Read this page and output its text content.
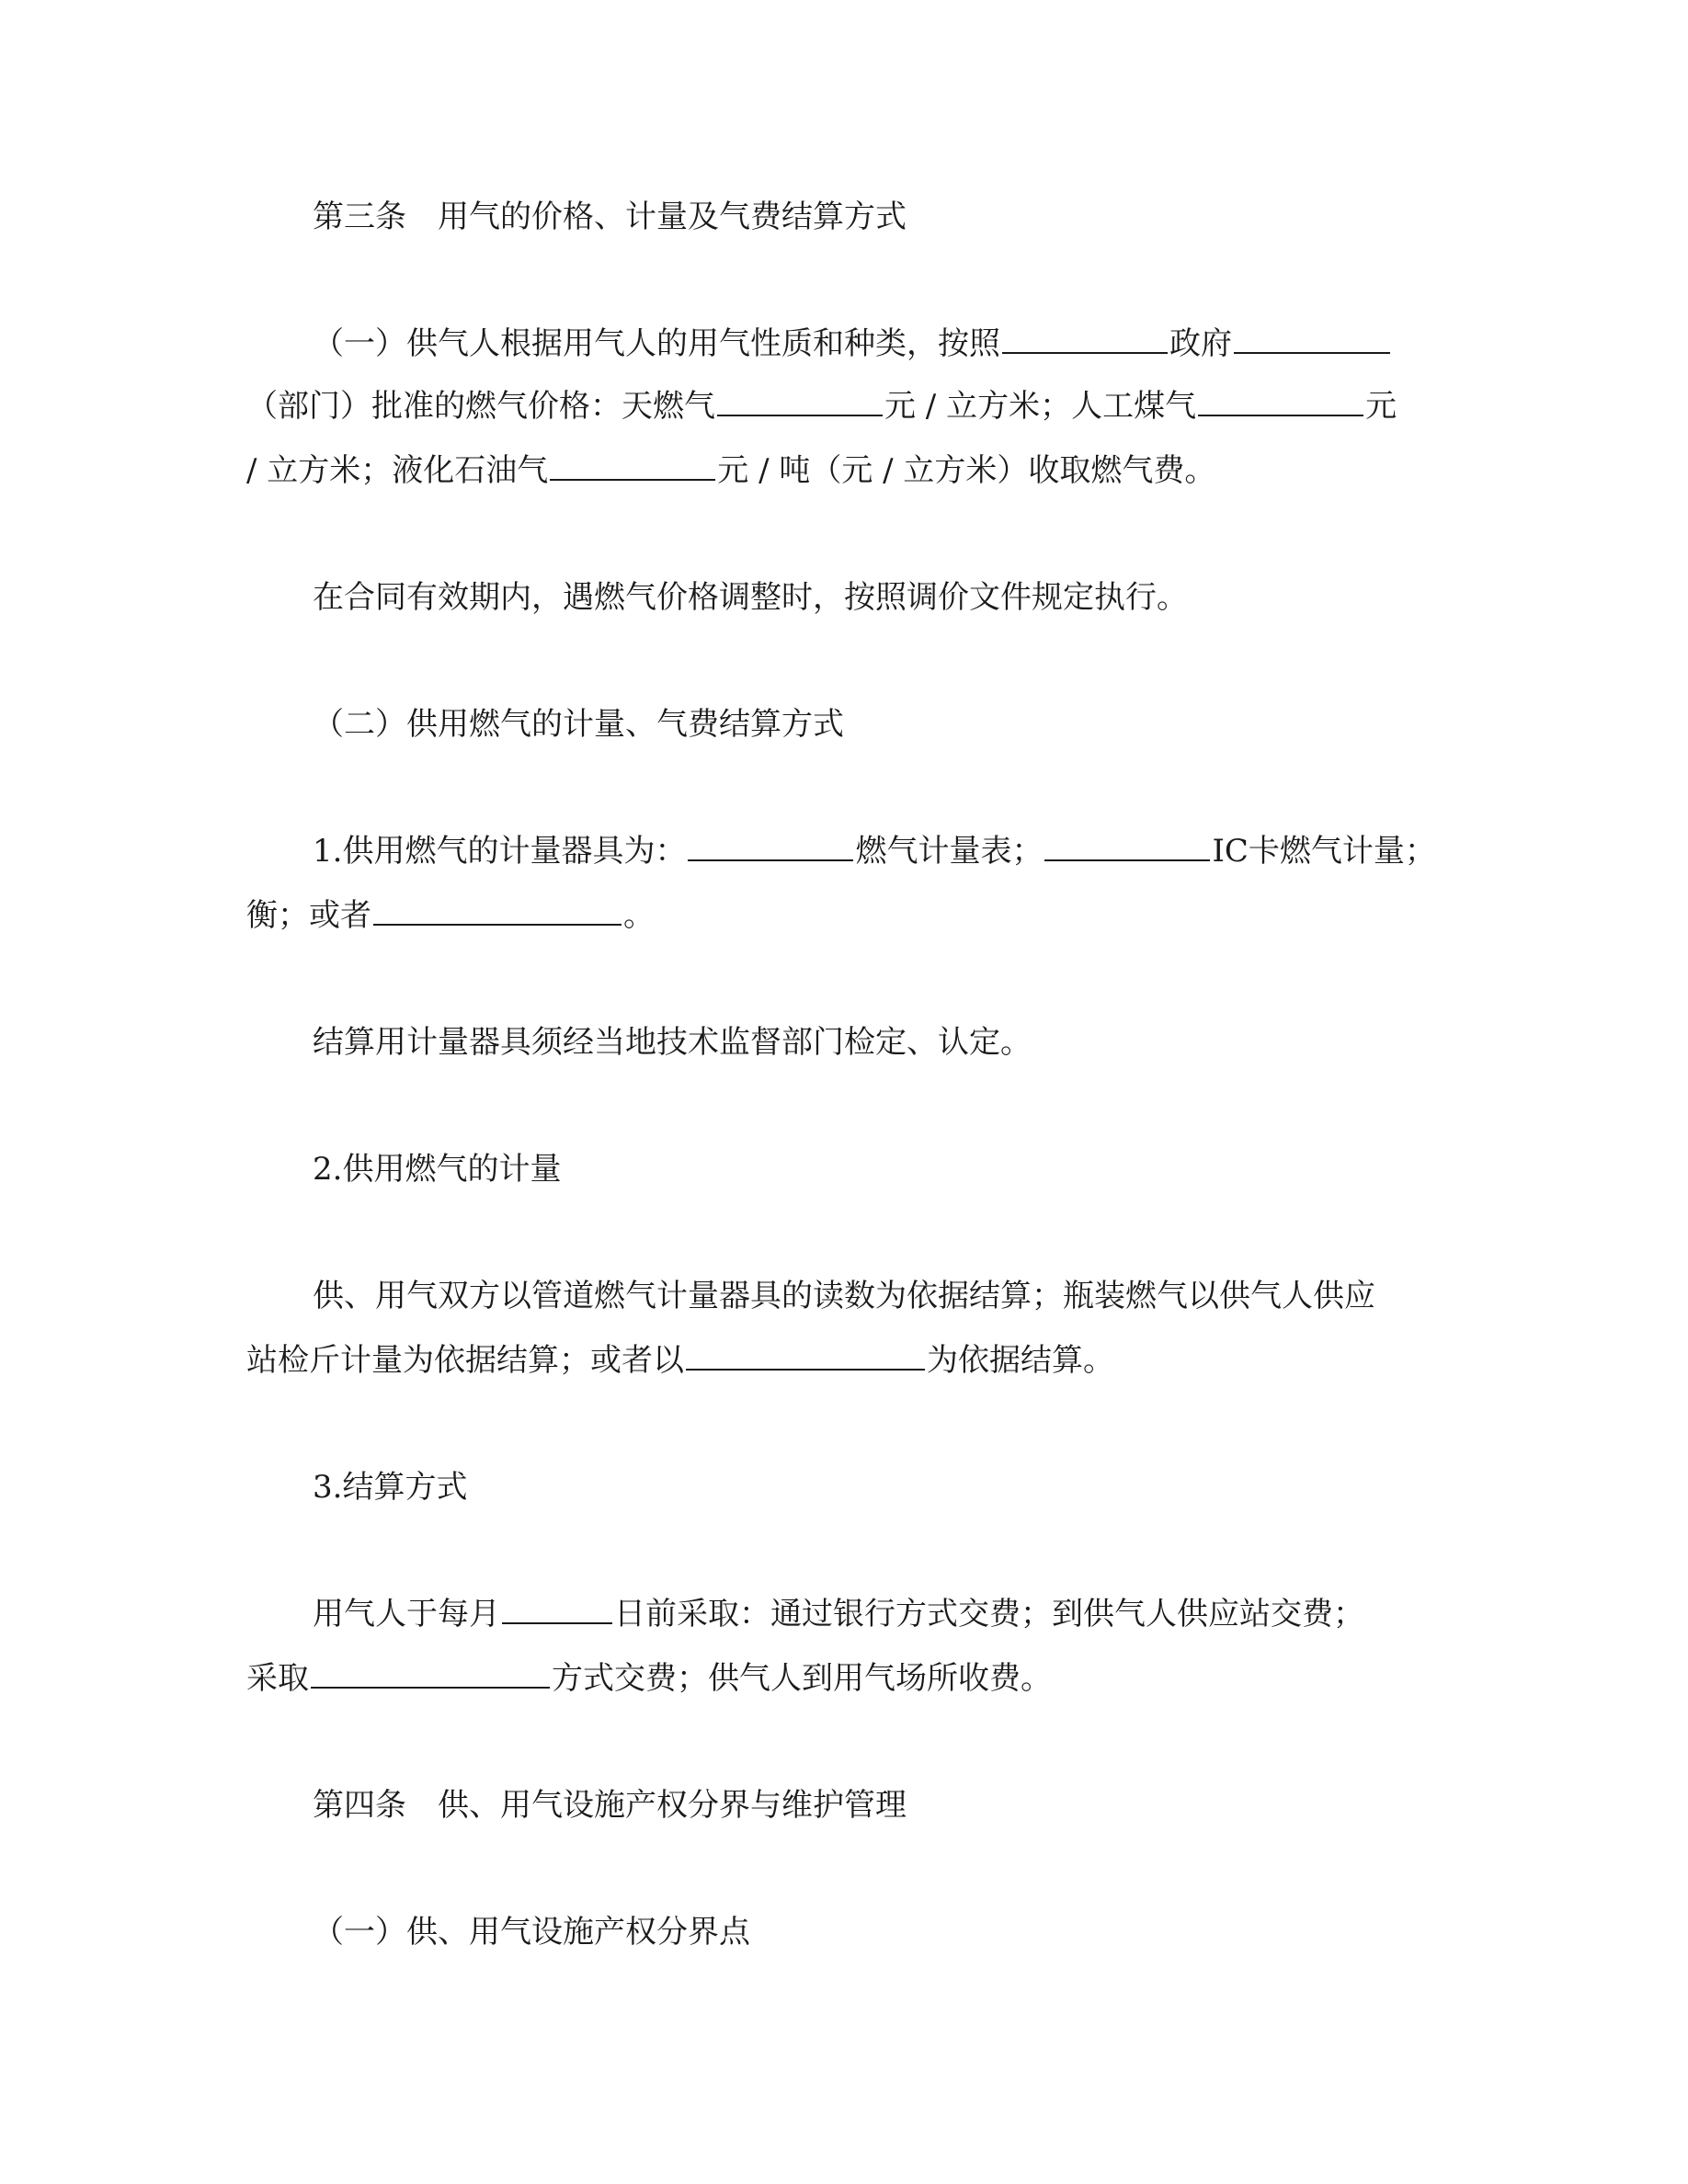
第三条　用气的价格、计量及气费结算方式
（一）供气人根据用气人的用气性质和种类，按照	政府
（部门）批准的燃气价格：天燃气	元 / 立方米；人工煤气	元
/ 立方米；液化石油气	元 / 吨（元 / 立方米）收取燃气费。
在合同有效期内，遇燃气价格调整时，按照调价文件规定执行。
（二）供用燃气的计量、气费结算方式
1.供用燃气的计量器具为：	燃气计量表；	IC卡燃气计量；
衡；或者	。
结算用计量器具须经当地技术监督部门检定、认定。
2.供用燃气的计量
供、用气双方以管道燃气计量器具的读数为依据结算；瓶装燃气以供气人供应
站检斤计量为依据结算；或者以	为依据结算。
3.结算方式
用气人于每月	日前采取：通过银行方式交费；到供气人供应站交费；
采取	方式交费；供气人到用气场所收费。
第四条　供、用气设施产权分界与维护管理
（一）供、用气设施产权分界点
